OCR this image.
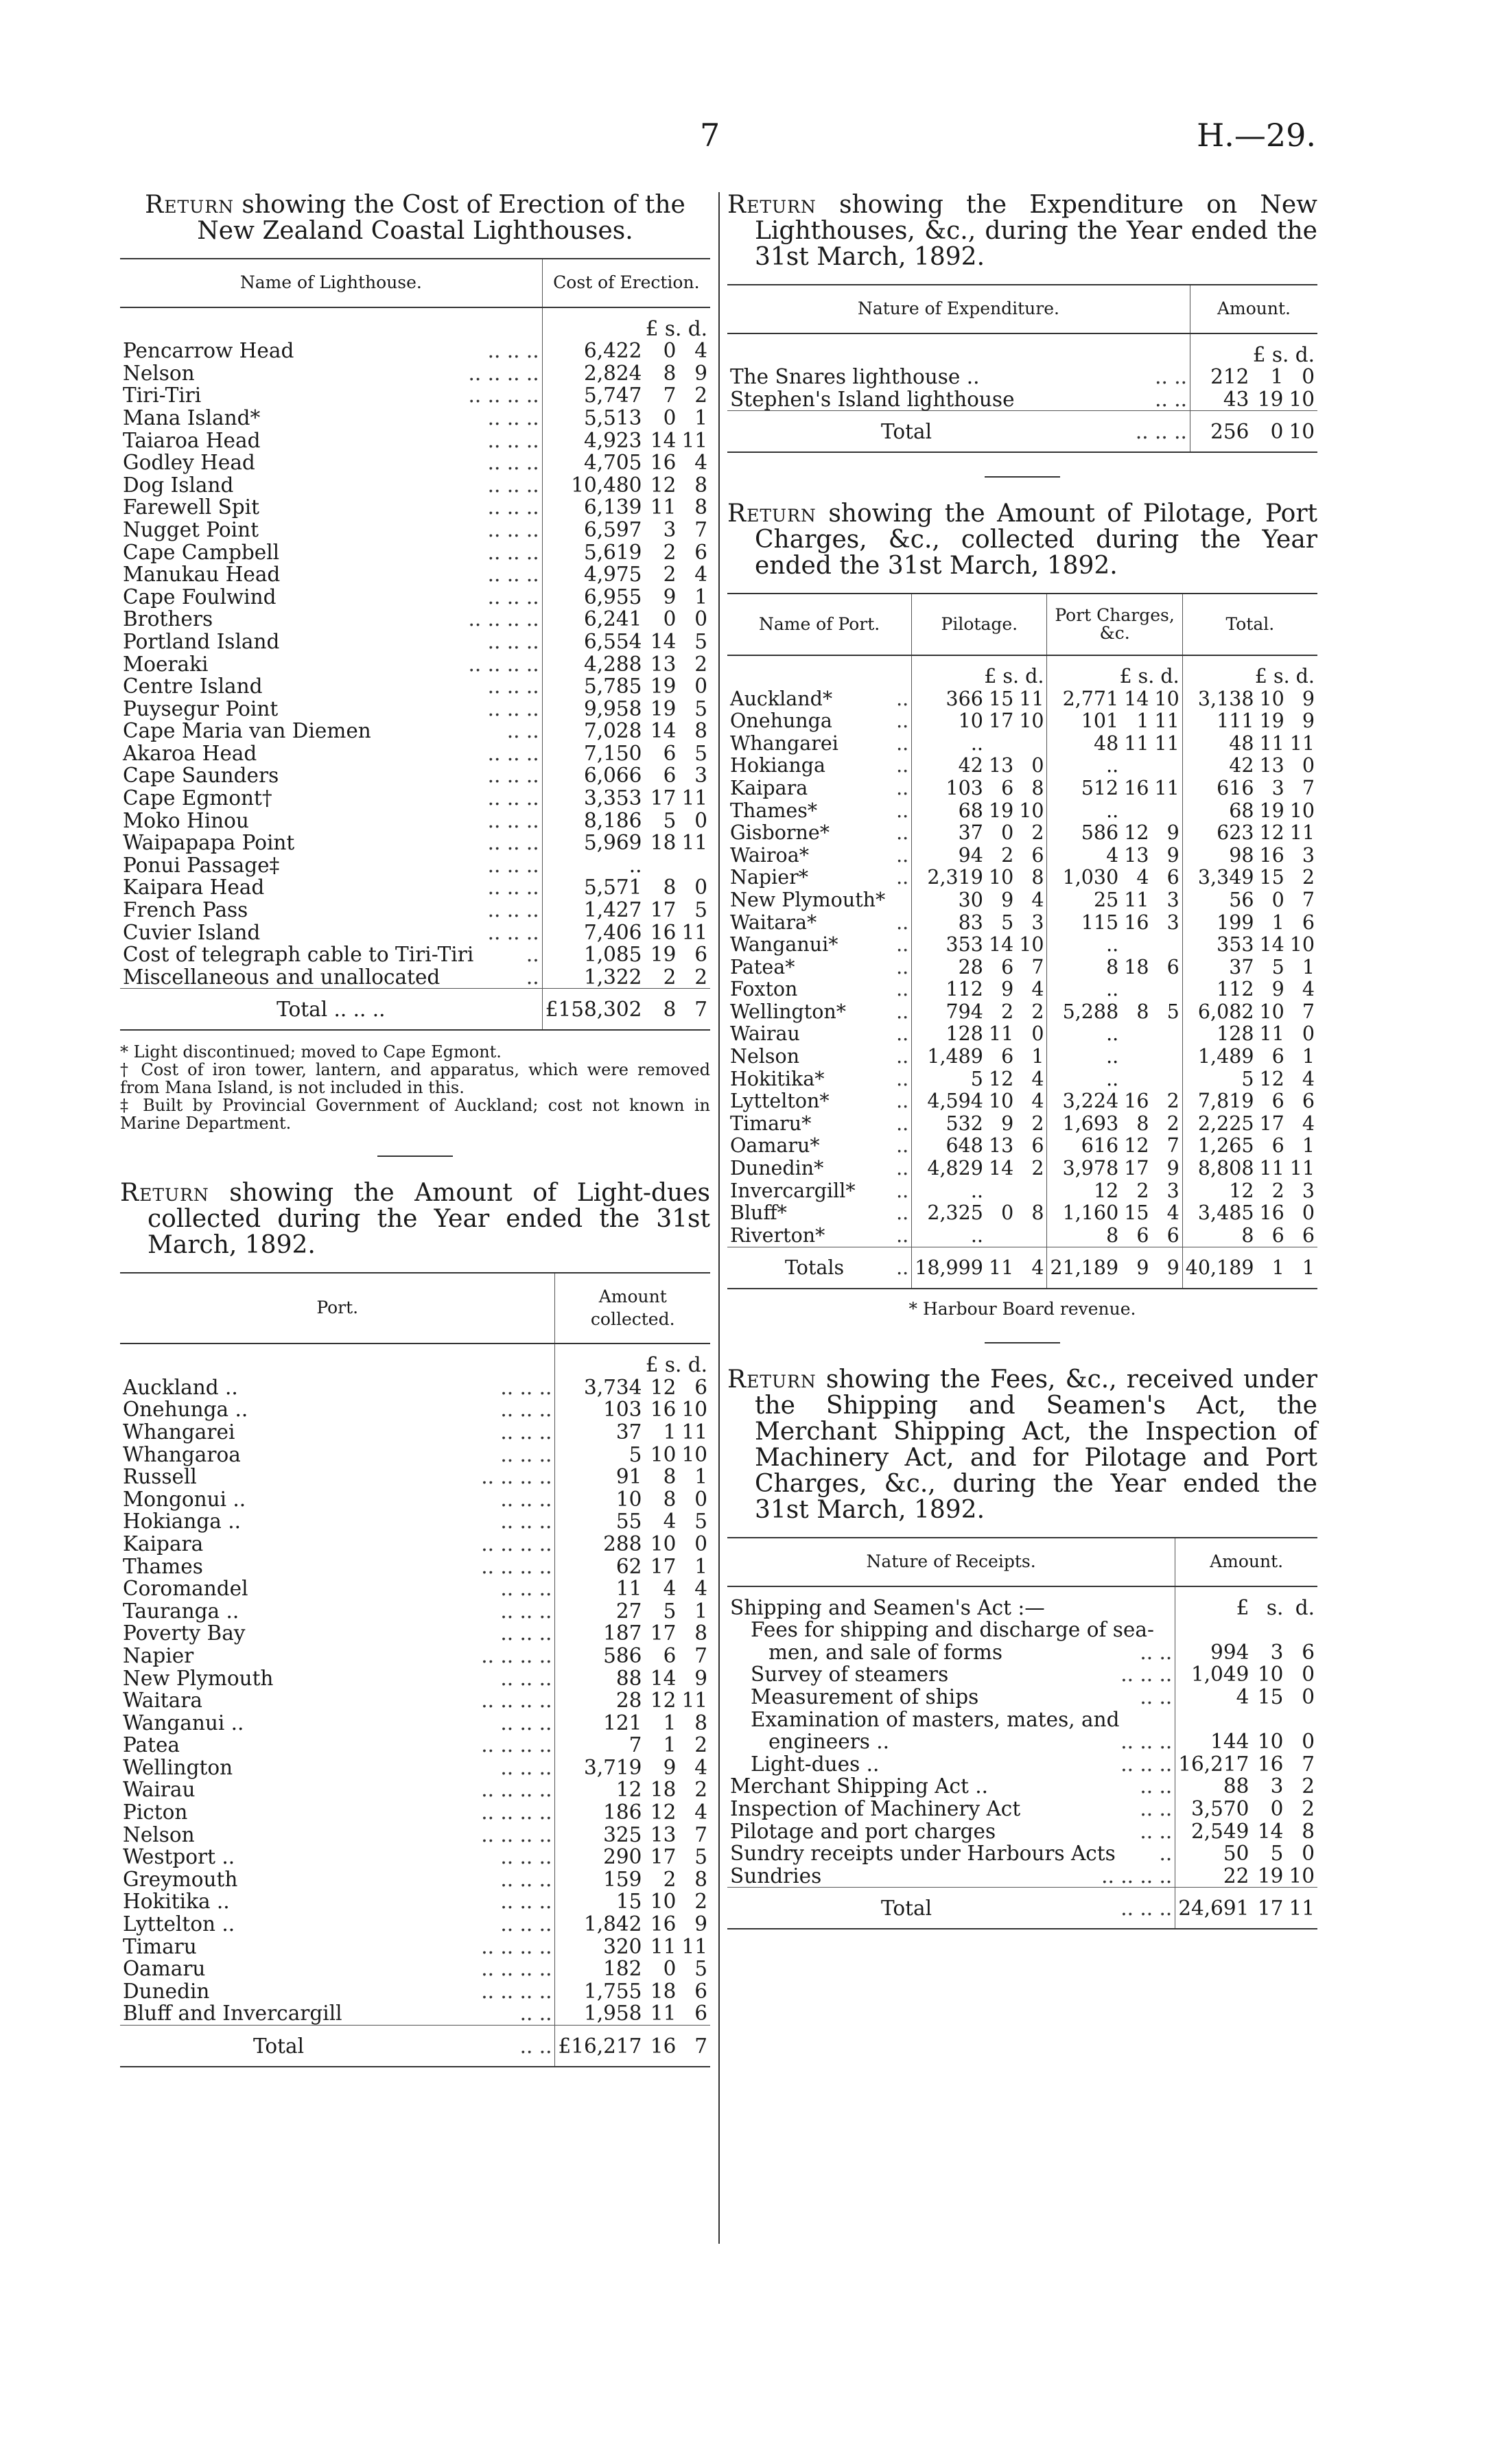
7	H.—29.
Return showing the Cost of Erection of the New Zealand Coastal Lighthouses.
Name of Lighthouse.	Cost of Erection.		
	£ s. d.		
Pencarrow Head .. .. ..	6,422	0	4
Nelson .. .. .. ..	2,824	8	9
Tiri-Tiri .. .. .. ..	5,747	7	2
Mana Island* .. .. ..	5,513	0	1
Taiaroa Head .. .. ..	4,923	14	11
Godley Head .. .. ..	4,705	16	4
Dog Island .. .. ..	10,480	12	8
Farewell Spit .. .. ..	6,139	11	8
Nugget Point .. .. ..	6,597	3	7
Cape Campbell .. .. ..	5,619	2	6
Manukau Head .. .. ..	4,975	2	4
Cape Foulwind .. .. ..	6,955	9	1
Brothers .. .. .. ..	6,241	0	0
Portland Island .. .. ..	6,554	14	5
Moeraki .. .. .. ..	4,288	13	2
Centre Island .. .. ..	5,785	19	0
Puysegur Point .. .. ..	9,958	19	5
Cape Maria van Diemen .. ..	7,028	14	8
Akaroa Head .. .. ..	7,150	6	5
Cape Saunders .. .. ..	6,066	6	3
Cape Egmont† .. .. ..	3,353	17	11
Moko Hinou .. .. ..	8,186	5	0
Waipapapa Point .. .. ..	5,969	18	11
Ponui Passage‡ .. .. ..	..		
Kaipara Head .. .. ..	5,571	8	0
French Pass .. .. ..	1,427	17	5
Cuvier Island .. .. ..	7,406	16	11
Cost of telegraph cable to Tiri-Tiri ..	1,085	19	6
Miscellaneous and unallocated ..	1,322	2	2
Total .. .. ..	£158,302	8	7

* Light discontinued; moved to Cape Egmont.

† Cost of iron tower, lantern, and apparatus, which were removed from Mana Island, is not included in this.

‡ Built by Provincial Government of Auckland; cost not known in Marine Department.

Return showing the Amount of Light-dues collected during the Year ended the 31st March, 1892.
Port.	Amount collected.		
	£ s. d.		
Auckland .. .. .. ..	3,734	12	6
Onehunga .. .. .. ..	103	16	10
Whangarei .. .. ..	37	1	11
Whangaroa .. .. ..	5	10	10
Russell .. .. .. ..	91	8	1
Mongonui .. .. .. ..	10	8	0
Hokianga .. .. .. ..	55	4	5
Kaipara .. .. .. ..	288	10	0
Thames .. .. .. ..	62	17	1
Coromandel .. .. ..	11	4	4
Tauranga .. .. .. ..	27	5	1
Poverty Bay .. .. ..	187	17	8
Napier .. .. .. ..	586	6	7
New Plymouth .. .. ..	88	14	9
Waitara .. .. .. ..	28	12	11
Wanganui .. .. .. ..	121	1	8
Patea .. .. .. ..	7	1	2
Wellington .. .. ..	3,719	9	4
Wairau .. .. .. ..	12	18	2
Picton .. .. .. ..	186	12	4
Nelson .. .. .. ..	325	13	7
Westport .. .. .. ..	290	17	5
Greymouth .. .. ..	159	2	8
Hokitika .. .. .. ..	15	10	2
Lyttelton .. .. .. ..	1,842	16	9
Timaru .. .. .. ..	320	11	11
Oamaru .. .. .. ..	182	0	5
Dunedin .. .. .. ..	1,755	18	6
Bluff and Invercargill .. ..	1,958	11	6
Total .. ..	£16,217	16	7
Return showing the Expenditure on New Lighthouses, &c., during the Year ended the 31st March, 1892.
Nature of Expenditure.	Amount.		
	£ s. d.		
The Snares lighthouse .. .. ..	212	1	0
Stephen's Island lighthouse .. ..	43	19	10
Total .. .. ..	256	0	10
Return showing the Amount of Pilotage, Port Charges, &c., collected during the Year ended the 31st March, 1892.
Name of Port.	Pilotage.			Port Charges, &c.			Total.		
	£ s. d.			£ s. d.			£ s. d.		
Auckland* ..	366	15	11	2,771	14	10	3,138	10	9
Onehunga ..	10	17	10	101	1	11	111	19	9
Whangarei ..	..			48	11	11	48	11	11
Hokianga ..	42	13	0	..			42	13	0
Kaipara ..	103	6	8	512	16	11	616	3	7
Thames* ..	68	19	10	..			68	19	10
Gisborne* ..	37	0	2	586	12	9	623	12	11
Wairoa* ..	94	2	6	4	13	9	98	16	3
Napier* ..	2,319	10	8	1,030	4	6	3,349	15	2
New Plymouth*	30	9	4	25	11	3	56	0	7
Waitara* ..	83	5	3	115	16	3	199	1	6
Wanganui* ..	353	14	10	..			353	14	10
Patea* ..	28	6	7	8	18	6	37	5	1
Foxton ..	112	9	4	..			112	9	4
Wellington* ..	794	2	2	5,288	8	5	6,082	10	7
Wairau ..	128	11	0	..			128	11	0
Nelson ..	1,489	6	1	..			1,489	6	1
Hokitika* ..	5	12	4	..			5	12	4
Lyttelton* ..	4,594	10	4	3,224	16	2	7,819	6	6
Timaru* ..	532	9	2	1,693	8	2	2,225	17	4
Oamaru* ..	648	13	6	616	12	7	1,265	6	1
Dunedin* ..	4,829	14	2	3,978	17	9	8,808	11	11
Invercargill* ..	..			12	2	3	12	2	3
Bluff* ..	2,325	0	8	1,160	15	4	3,485	16	0
Riverton* ..	..			8	6	6	8	6	6
Totals ..	18,999	11	4	21,189	9	9	40,189	1	1
* Harbour Board revenue.
Return showing the Fees, &c., received under the Shipping and Seamen's Act, the Merchant Shipping Act, the Inspection of Machinery Act, and for Pilotage and Port Charges, &c., during the Year ended the 31st March, 1892.
Nature of Receipts.	Amount.		
Shipping and Seamen's Act :—	£	s.	d.
Fees for shipping and discharge of sea-

men, and sale of forms .. ..	994	3	6
Survey of steamers .. .. ..	1,049	10	0
Measurement of ships .. ..	4	15	0
Examination of masters, mates, and

engineers .. .. .. ..	144	10	0
Light-dues .. .. .. ..	16,217	16	7
Merchant Shipping Act .. .. ..	88	3	2
Inspection of Machinery Act .. ..	3,570	0	2
Pilotage and port charges .. ..	2,549	14	8
Sundry receipts under Harbours Acts ..	50	5	0
Sundries .. .. .. ..	22	19	10
Total .. .. ..	24,691	17	11
